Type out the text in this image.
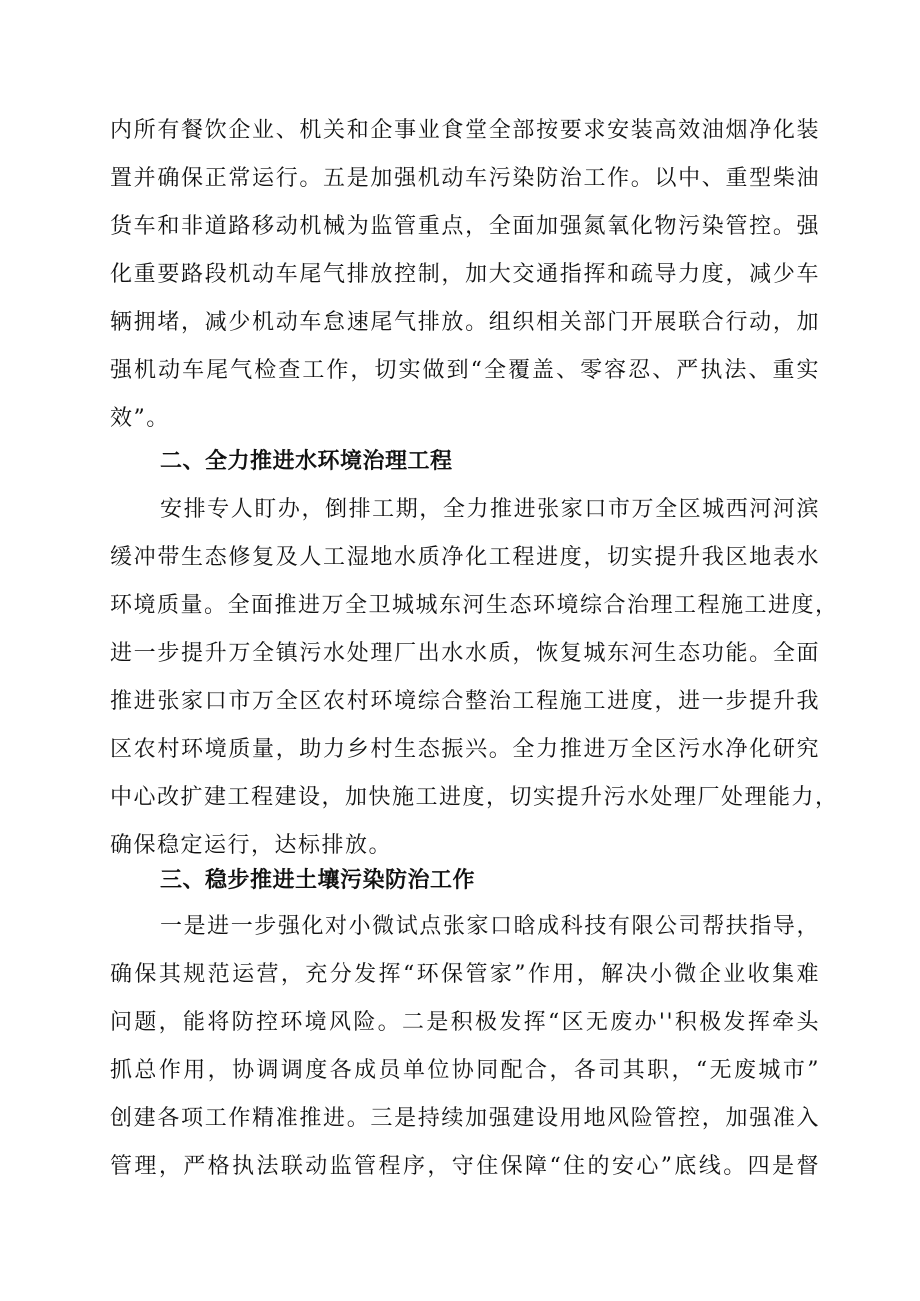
内所有餐饮企业、机关和企事业食堂全部按要求安装高效油烟净化装
置并确保正常运行。五是加强机动车污染防治工作。以中、重型柴油
货车和非道路移动机械为监管重点，全面加强氮氧化物污染管控。强
化重要路段机动车尾气排放控制，加大交通指挥和疏导力度，减少车
辆拥堵，减少机动车怠速尾气排放。组织相关部门开展联合行动，加
强机动车尾气检查工作，切实做到“全覆盖、零容忍、严执法、重实
效”。
二、全力推进水环境治理工程
安排专人盯办，倒排工期，全力推进张家口市万全区城西河河滨
缓冲带生态修复及人工湿地水质净化工程进度，切实提升我区地表水
环境质量。全面推进万全卫城城东河生态环境综合治理工程施工进度，
进一步提升万全镇污水处理厂出水水质，恢复城东河生态功能。全面
推进张家口市万全区农村环境综合整治工程施工进度，进一步提升我
区农村环境质量，助力乡村生态振兴。全力推进万全区污水净化研究
中心改扩建工程建设，加快施工进度，切实提升污水处理厂处理能力，
确保稳定运行，达标排放。
三、稳步推进土壤污染防治工作
一是进一步强化对小微试点张家口晗成科技有限公司帮扶指导，
确保其规范运营，充分发挥“环保管家”作用，解决小微企业收集难
问题，能将防控环境风险。二是积极发挥“区无废办''积极发挥牵头
抓总作用，协调调度各成员单位协同配合，各司其职，“无废城市”
创建各项工作精准推进。三是持续加强建设用地风险管控，加强准入
管理，严格执法联动监管程序，守住保障“住的安心”底线。四是督
